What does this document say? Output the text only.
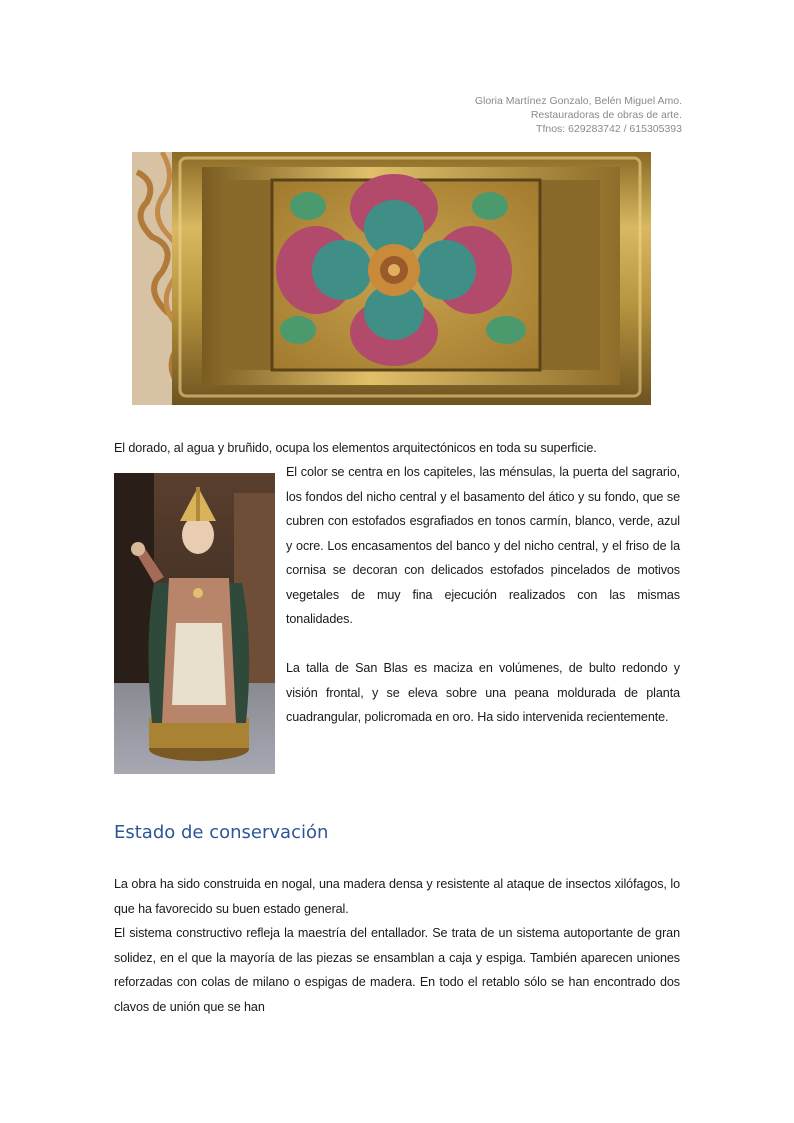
Gloria Martínez Gonzalo, Belén Miguel Amo.
Restauradoras de obras de arte.
Tfnos: 629283742 / 615305393

El dorado, al agua y bruñido, ocupa los elementos arquitectónicos en toda su superficie.

El color se centra en los capiteles, las ménsulas, la puerta del sagrario, los fondos del nicho central y el basamento del ático y su fondo, que se cubren con estofados esgrafiados en tonos carmín, blanco, verde, azul y ocre. Los encasamentos del banco y del nicho central, y el friso de la cornisa se decoran con delicados estofados pincelados de motivos vegetales de muy fina ejecución realizados con las mismas tonalidades.

La talla de San Blas es maciza en volúmenes, de bulto redondo y visión frontal, y se eleva sobre una peana moldurada de planta cuadrangular, policromada en oro. Ha sido intervenida recientemente.

Estado de conservación

La obra ha sido construida en nogal, una madera densa y resistente al ataque de insectos xilófagos, lo que ha favorecido su buen estado general.

El sistema constructivo refleja la maestría del entallador. Se trata de un sistema autoportante de gran solidez, en el que la mayoría de las piezas se ensamblan a caja y espiga. También aparecen uniones reforzadas con colas de milano o espigas de madera. En todo el retablo sólo se han encontrado dos clavos de unión que se han
